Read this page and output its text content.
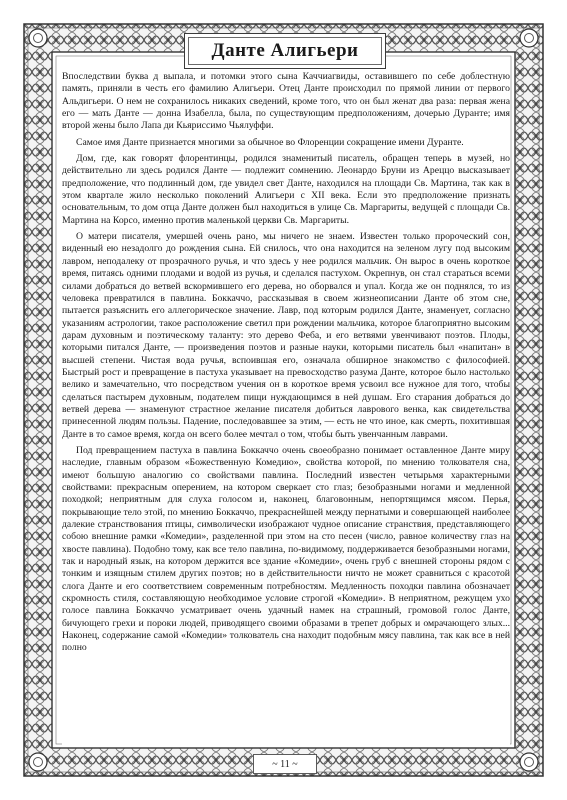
Данте Алигьери

Впоследствии буква д выпала, и потомки этого сына Каччиагвиды, оставившего по себе доблестную память, приняли в честь его фамилию Алигьери. Отец Данте происходил по прямой линии от первого Альдигьери. О нем не сохранилось никаких сведений, кроме того, что он был женат два раза: первая жена его — мать Данте — донна Изабелла, была, по существующим предположениям, дочерью Дуранте; имя второй жены было Лапа ди Кьяриссимо Чьялуффи.

Самое имя Данте признается многими за обычное во Флоренции сокращение имени Дуранте.

Дом, где, как говорят флорентинцы, родился знаменитый писатель, обращен теперь в музей, но действительно ли здесь родился Данте — подлежит сомнению. Леонардо Бруни из Ареццо высказывает предположение, что подлинный дом, где увидел свет Данте, находился на площади Св. Мартина, так как в этом квартале жило несколько поколений Алигьери с XII века. Если это предположение признать основательным, то дом отца Данте должен был находиться в улице Св. Маргариты, ведущей с площади Св. Мартина на Корсо, именно против маленькой церкви Св. Маргариты.

О матери писателя, умершей очень рано, мы ничего не знаем. Известен только пророческий сон, виденный ею незадолго до рождения сына. Ей снилось, что она находится на зеленом лугу под высоким лавром, неподалеку от прозрачного ручья, и что здесь у нее родился мальчик. Он вырос в очень короткое время, питаясь одними плодами и водой из ручья, и сделался пастухом. Окрепнув, он стал стараться всеми силами добраться до ветвей вскормившего его дерева, но оборвался и упал. Когда же он поднялся, то из человека превратился в павлина. Боккаччо, рассказывая в своем жизнеописании Данте об этом сне, пытается разъяснить его аллегорическое значение. Лавр, под которым родился Данте, знаменует, согласно указаниям астрологии, такое расположение светил при рождении мальчика, которое благоприятно высоким дарам духовным и поэтическому таланту: это дерево Феба, и его ветвями увенчивают поэтов. Плоды, которыми питался Данте, — произведения поэтов и разные науки, которыми писатель был «напитан» в высшей степени. Чистая вода ручья, вспоившая его, означала обширное знакомство с философией. Быстрый рост и превращение в пастуха указывает на превосходство разума Данте, которое было настолько велико и замечательно, что посредством учения он в короткое время усвоил все нужное для того, чтобы сделаться пастырем духовным, подателем пищи нуждающимся в ней душам. Его старания добраться до ветвей дерева — знаменуют страстное желание писателя добиться лаврового венка, как свидетельства принесенной людям пользы. Падение, последовавшее за этим, — есть не что иное, как смерть, похитившая Данте в то самое время, когда он всего более мечтал о том, чтобы быть увенчанным лаврами.

Под превращением пастуха в павлина Боккаччо очень своеобразно понимает оставленное Данте миру наследие, главным образом «Божественную Комедию», свойства которой, по мнению толкователя сна, имеют большую аналогию со свойствами павлина. Последний известен четырьмя характерными свойствами: прекрасным оперением, на котором сверкает сто глаз; безобразными ногами и медленной походкой; неприятным для слуха голосом и, наконец, благовонным, непортящимся мясом. Перья, покрывающие тело этой, по мнению Боккаччо, прекраснейшей между пернатыми и совершающей наиболее далекие странствования птицы, символически изображают чудное описание странствия, представляющего собою внешние рамки «Комедии», разделенной при этом на сто песен (число, равное количеству глаз на хвосте павлина). Подобно тому, как все тело павлина, по-видимому, поддерживается безобразными ногами, так и народный язык, на котором держится все здание «Комедии», очень груб с внешней стороны рядом с тонким и изящным стилем других поэтов; но в действительности ничто не может сравниться с красотой слога Данте и его соответствием современным потребностям. Медленность походки павлина обозначает скромность стиля, составляющую необходимое условие строгой «Комедии». В неприятном, режущем ухо голосе павлина Боккаччо усматривает очень удачный намек на страшный, громовой голос Данте, бичующего грехи и пороки людей, приводящего своими образами в трепет добрых и омрачающего злых... Наконец, содержание самой «Комедии» толкователь сна находит подобным мясу павлина, так как все в ней полно

~ 11 ~
